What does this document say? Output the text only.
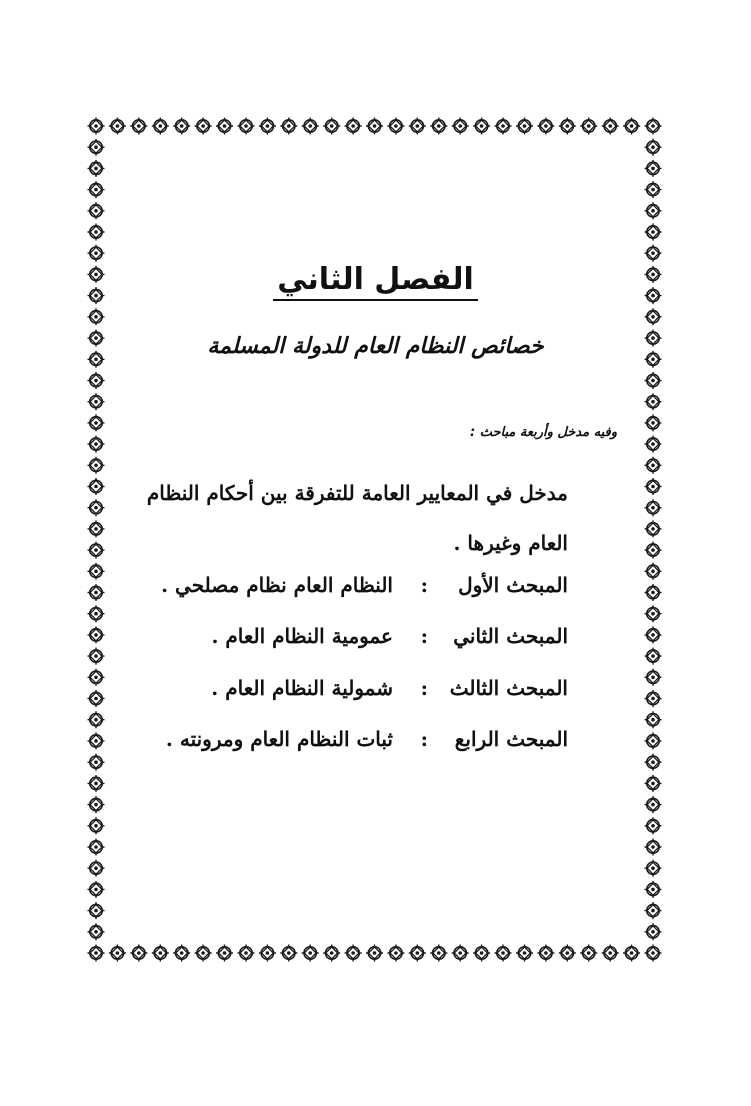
الفصل الثاني
خصائص النظام العام للدولة المسلمة
وفيه مدخل وأربعة مباحث :
مدخل في المعايير العامة للتفرقة بين أحكام النظام العام وغيرها .
المبحث الأول
:
النظام العام نظام مصلحي .
المبحث الثاني
:
عمومية النظام العام .
المبحث الثالث
:
شمولية النظام العام .
المبحث الرابع
:
ثبات النظام العام ومرونته .
